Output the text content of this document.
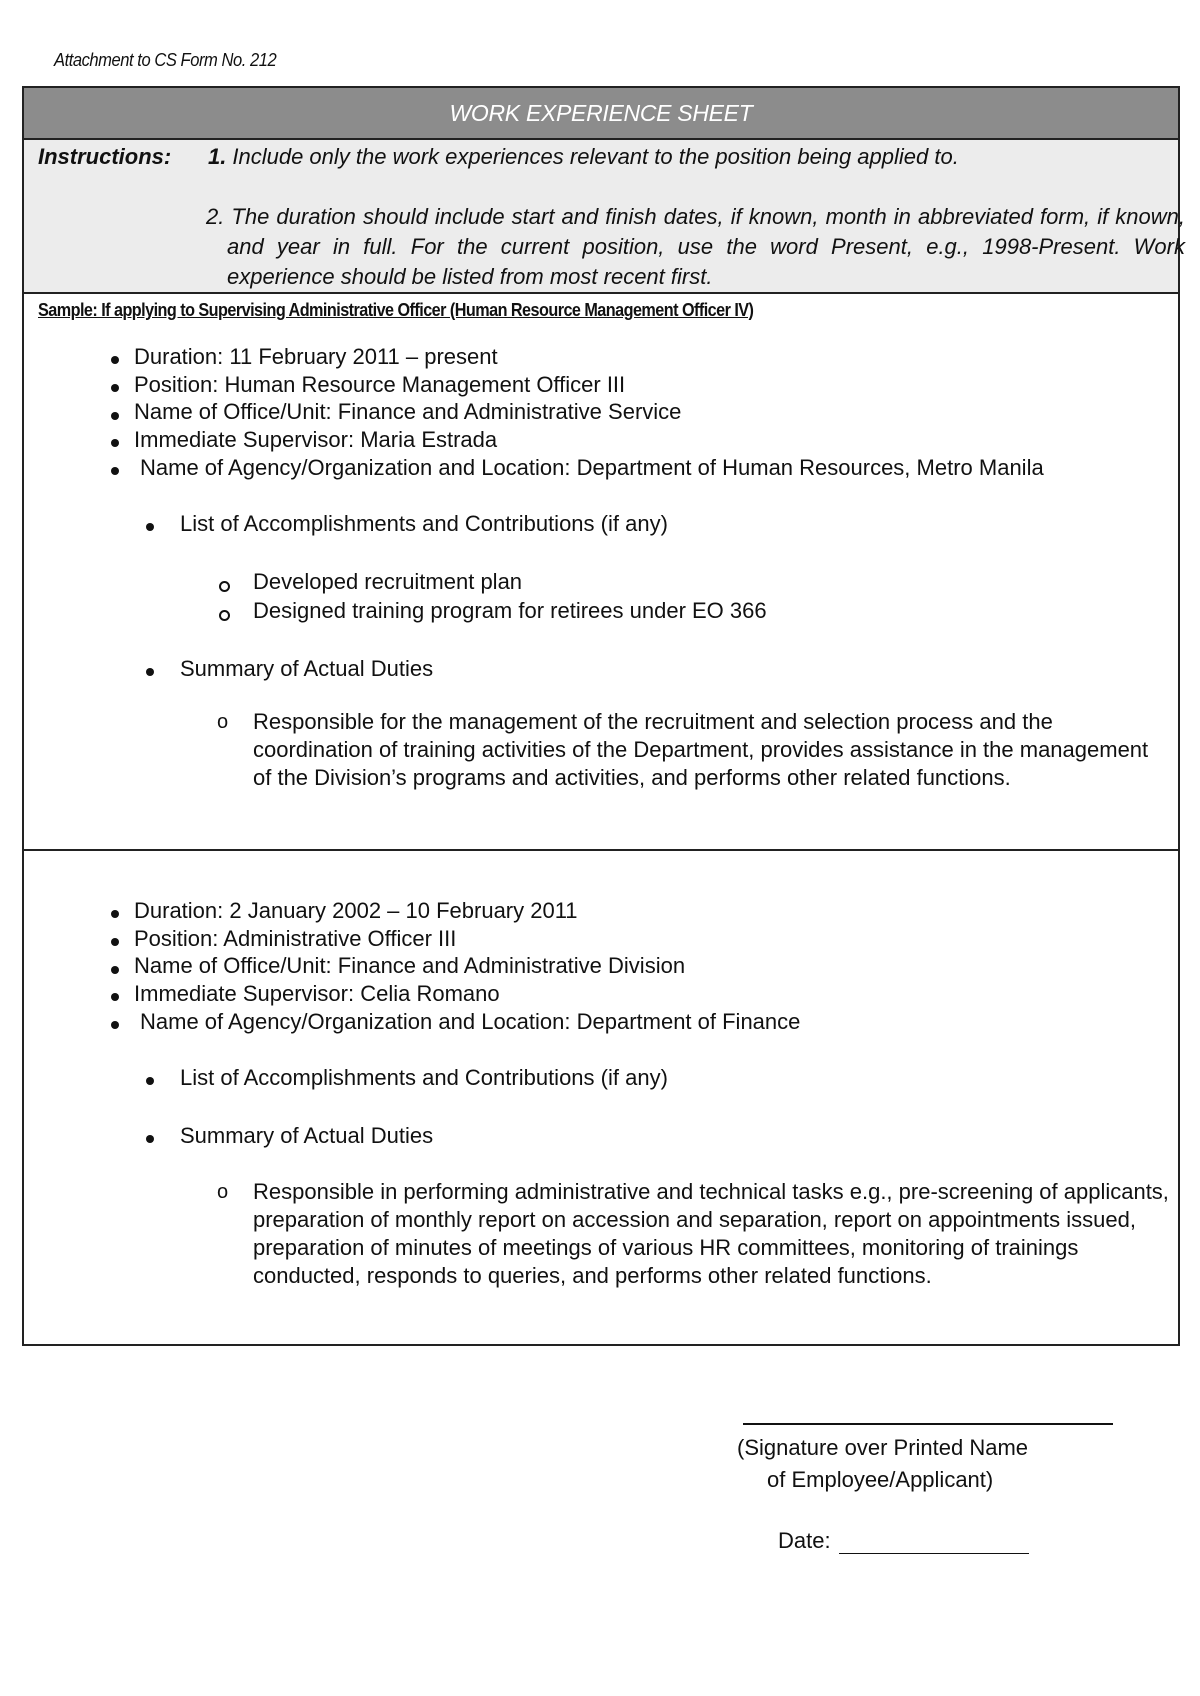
Attachment to CS Form No. 212
WORK EXPERIENCE SHEET
Instructions: 1. Include only the work experiences relevant to the position being applied to.
2. The duration should include start and finish dates, if known, month in abbreviated form, if known, and year in full. For the current position, use the word Present, e.g., 1998-Present. Work experience should be listed from most recent first.
Sample: If applying to Supervising Administrative Officer (Human Resource Management Officer IV)
Duration: 11 February 2011 – present
Position: Human Resource Management Officer III
Name of Office/Unit: Finance and Administrative Service
Immediate Supervisor: Maria Estrada
Name of Agency/Organization and Location: Department of Human Resources, Metro Manila
List of Accomplishments and Contributions (if any)
Developed recruitment plan
Designed training program for retirees under EO 366
Summary of Actual Duties
o Responsible for the management of the recruitment and selection process and the coordination of training activities of the Department, provides assistance in the management of the Division’s programs and activities, and performs other related functions.
Duration: 2 January 2002 – 10 February 2011
Position: Administrative Officer III
Name of Office/Unit: Finance and Administrative Division
Immediate Supervisor: Celia Romano
Name of Agency/Organization and Location: Department of Finance
List of Accomplishments and Contributions (if any)
Summary of Actual Duties
o Responsible in performing administrative and technical tasks e.g., pre-screening of applicants, preparation of monthly report on accession and separation, report on appointments issued, preparation of minutes of meetings of various HR committees, monitoring of trainings conducted, responds to queries, and performs other related functions.
(Signature over Printed Name
of Employee/Applicant)
Date:
